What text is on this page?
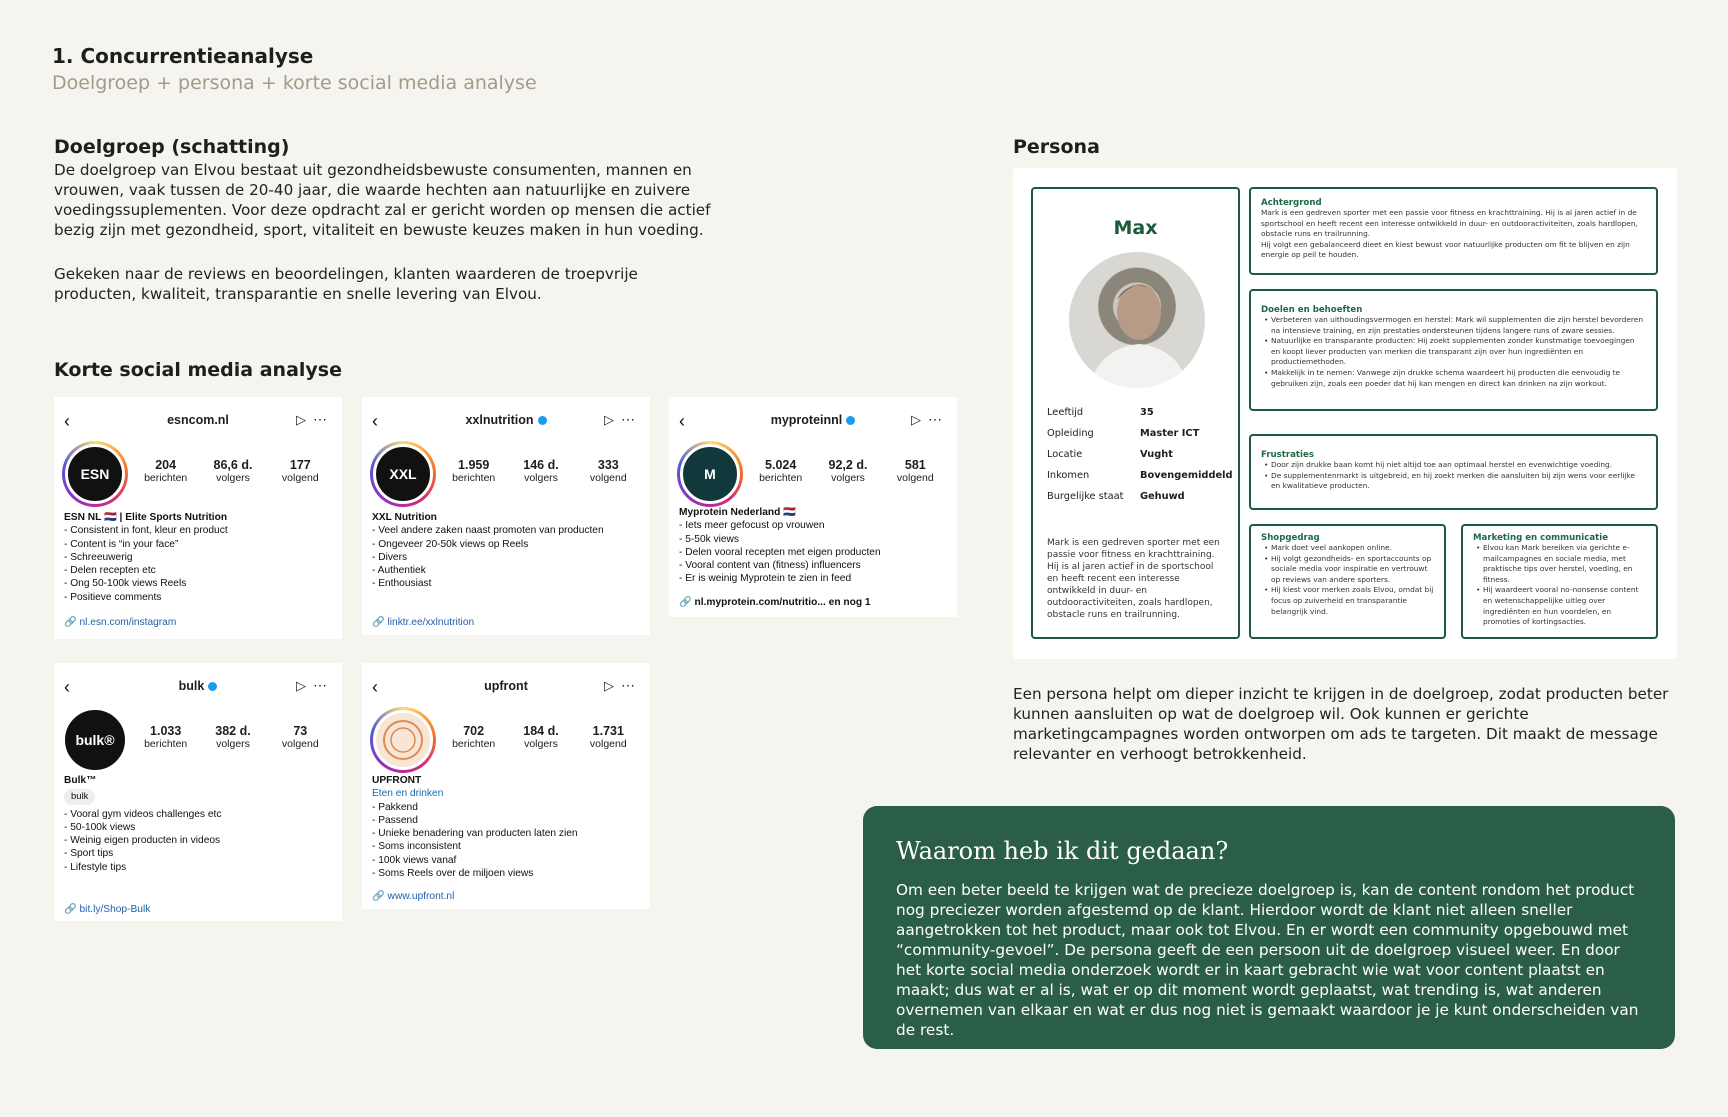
1. Concurrentieanalyse
Doelgroep + persona + korte social media analyse
Doelgroep (schatting)
De doelgroep van Elvou bestaat uit gezondheidsbewuste consumenten, mannen en vrouwen, vaak tussen de 20-40 jaar, die waarde hechten aan natuurlijke en zuivere voedingssuplementen. Voor deze opdracht zal er gericht worden op mensen die actief bezig zijn met gezondheid, sport, vitaliteit en bewuste keuzes maken in hun voeding.
Gekeken naar de reviews en beoordelingen, klanten waarderen de troepvrije producten, kwaliteit, transparantie en snelle levering van Elvou.
Korte social media analyse
‹	esncom.nl	▷ ⋯
ESN
204
berichten
86,6 d.
volgers
177
volgend
ESN NL 🇳🇱 | Elite Sports Nutrition
- Consistent in font, kleur en product
- Content is “in your face”
- Schreeuwerig
- Delen recepten etc
- Ong 50-100k views Reels
- Positieve comments
🔗 nl.esn.com/instagram
‹	xxlnutrition	▷ ⋯
XXL
1.959
berichten
146 d.
volgers
333
volgend
XXL Nutrition
- Veel andere zaken naast promoten van producten
- Ongeveer 20-50k views op Reels
- Divers
- Authentiek
- Enthousiast
🔗 linktr.ee/xxlnutrition
‹	myproteinnl	▷ ⋯
M
5.024
berichten
92,2 d.
volgers
581
volgend
Myprotein Nederland 🇳🇱
- Iets meer gefocust op vrouwen
- 5-50k views
- Delen vooral recepten met eigen producten
- Vooral content van (fitness) influencers
- Er is weinig Myprotein te zien in feed
🔗 nl.myprotein.com/nutritio... en nog 1
‹	bulk	▷ ⋯
bulk®
1.033
berichten
382 d.
volgers
73
volgend
Bulk™
bulk
- Vooral gym videos challenges etc
- 50-100k views
- Weinig eigen producten in videos
- Sport tips
- Lifestyle tips
🔗 bit.ly/Shop-Bulk
‹	upfront	▷ ⋯
702
berichten
184 d.
volgers
1.731
volgend
UPFRONT
Eten en drinken
- Pakkend
- Passend
- Unieke benadering van producten laten zien
- Soms inconsistent
- 100k views vanaf
- Soms Reels over de miljoen views
🔗 www.upfront.nl
Persona
Max
Leeftijd	35
Opleiding	Master ICT
Locatie	Vught
Inkomen	Bovengemiddeld
Burgelijke staat Gehuwd
Mark is een gedreven sporter met een passie voor fitness en krachttraining. Hij is al jaren actief in de sportschool en heeft recent een interesse ontwikkeld in duur- en outdooractiviteiten, zoals hardlopen, obstacle runs en trailrunning.
Achtergrond
Mark is een gedreven sporter met een passie voor fitness en krachttraining. Hij is al jaren actief in de sportschool en heeft recent een interesse ontwikkeld in duur- en outdooractiviteiten, zoals hardlopen, obstacle runs en trailrunning.
Hij volgt een gebalanceerd dieet en kiest bewust voor natuurlijke producten om fit te blijven en zijn energie op peil te houden.
Doelen en behoeften
• Verbeteren van uithoudingsvermogen en herstel: Mark wil supplementen die zijn herstel bevorderen na intensieve training, en zijn prestaties ondersteunen tijdens langere runs of zware sessies.
• Natuurlijke en transparante producten: Hij zoekt supplementen zonder kunstmatige toevoegingen en koopt liever producten van merken die transparant zijn over hun ingrediënten en productiemethoden.
• Makkelijk in te nemen: Vanwege zijn drukke schema waardeert hij producten die eenvoudig te gebruiken zijn, zoals een poeder dat hij kan mengen en direct kan drinken na zijn workout.
Frustraties
• Door zijn drukke baan komt hij niet altijd toe aan optimaal herstel en evenwichtige voeding.
• De supplementenmarkt is uitgebreid, en hij zoekt merken die aansluiten bij zijn wens voor eerlijke en kwalitatieve producten.
Shopgedrag
• Mark doet veel aankopen online.
• Hij volgt gezondheids- en sportaccounts op sociale media voor inspiratie en vertrouwt op reviews van andere sporters.
• Hij kiest voor merken zoals Elvou, omdat bij focus op zuiverheid en transparantie belangrijk vind.
Marketing en communicatie
• Elvou kan Mark bereiken via gerichte e-mailcampagnes en sociale media, met praktische tips over herstel, voeding, en fitness.
• Hij waardeert vooral no-nonsense content en wetenschappelijke uitleg over ingrediënten en hun voordelen, en promoties of kortingsacties.
Een persona helpt om dieper inzicht te krijgen in de doelgroep, zodat producten beter kunnen aansluiten op wat de doelgroep wil. Ook kunnen er gerichte marketingcampagnes worden ontworpen om ads te targeten. Dit maakt de message relevanter en verhoogt betrokkenheid.
Waarom heb ik dit gedaan?
Om een beter beeld te krijgen wat de precieze doelgroep is, kan de content rondom het product nog preciezer worden afgestemd op de klant. Hierdoor wordt de klant niet alleen sneller aangetrokken tot het product, maar ook tot Elvou. En er wordt een community opgebouwd met “community-gevoel”. De persona geeft de een persoon uit de doelgroep visueel weer. En door het korte social media onderzoek wordt er in kaart gebracht wie wat voor content plaatst en maakt; dus wat er al is, wat er op dit moment wordt geplaatst, wat trending is, wat anderen overnemen van elkaar en wat er dus nog niet is gemaakt waardoor je je kunt onderscheiden van de rest.
